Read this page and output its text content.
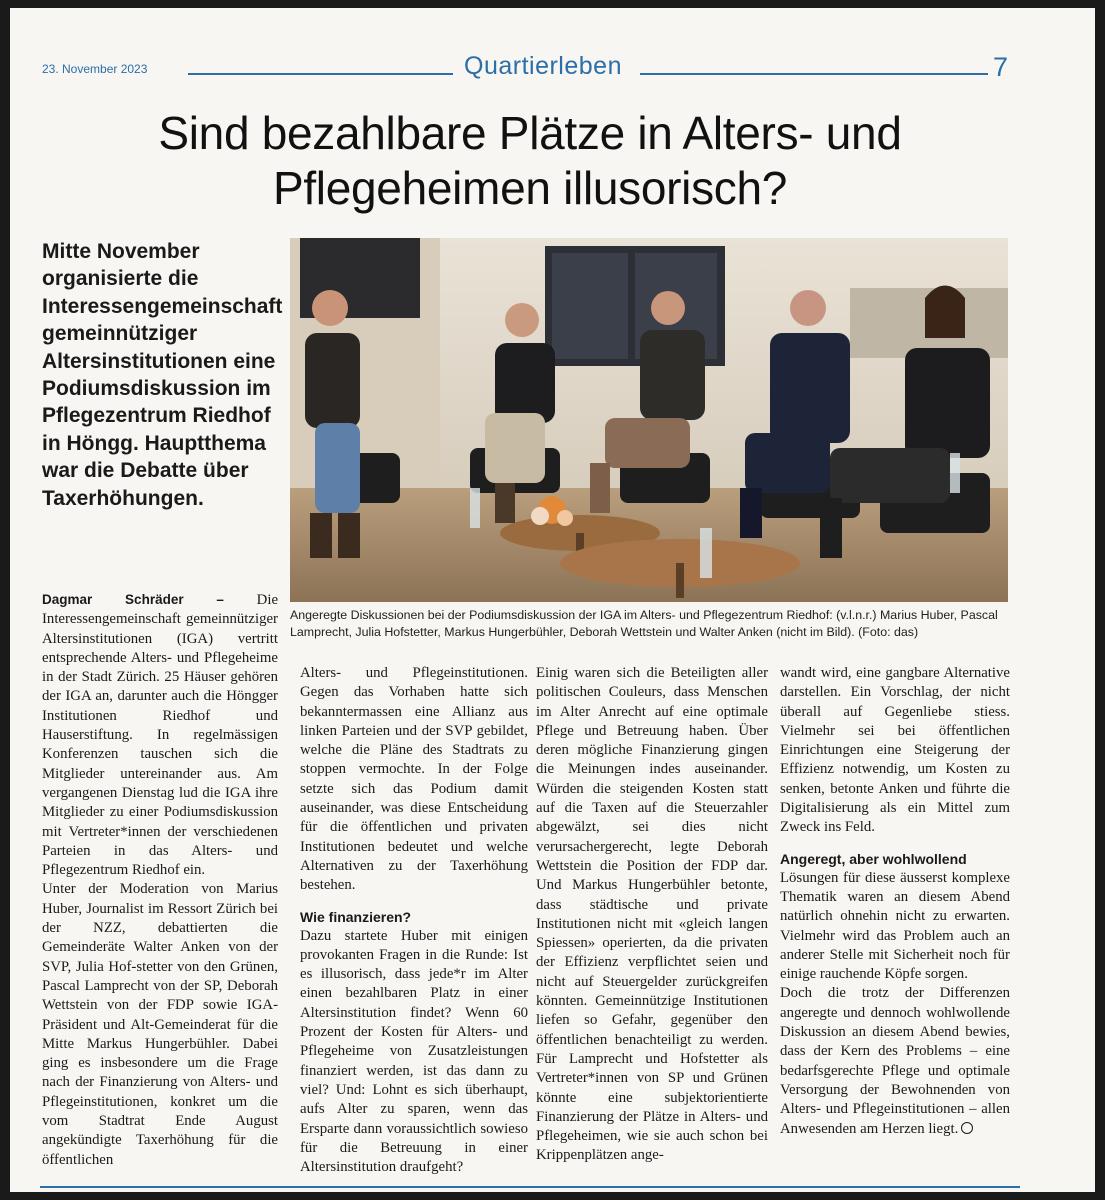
23. November 2023	Quartierleben	7
Sind bezahlbare Plätze in Alters- und Pflegeheimen illusorisch?

Mitte November organisierte die Interessengemeinschaft gemeinnütziger Altersinstitutionen eine Podiumsdiskussion im Pflegezentrum Riedhof in Höngg. Hauptthema war die Debatte über Taxerhöhungen.

Angeregte Diskussionen bei der Podiumsdiskussion der IGA im Alters- und Pflegezentrum Riedhof: (v.l.n.r.) Marius Huber, Pascal Lamprecht, Julia Hofstetter, Markus Hungerbühler, Deborah Wettstein und Walter Anken (nicht im Bild). (Foto: das)

Dagmar Schräder – Die Interessengemeinschaft gemeinnütziger Altersinstitutionen (IGA) vertritt entsprechende Alters- und Pflegeheime in der Stadt Zürich. 25 Häuser gehören der IGA an, darunter auch die Höngger Institutionen Riedhof und Hauserstiftung. In regelmässigen Konferenzen tauschen sich die Mitglieder untereinander aus. Am vergangenen Dienstag lud die IGA ihre Mitglieder zu einer Podiumsdiskussion mit Vertreter*innen der verschiedenen Parteien in das Alters- und Pflegezentrum Riedhof ein.

Unter der Moderation von Marius Huber, Journalist im Ressort Zürich bei der NZZ, debattierten die Gemeinderäte Walter Anken von der SVP, Julia Hof-stetter von den Grünen, Pascal Lamprecht von der SP, Deborah Wettstein von der FDP sowie IGA-Präsident und Alt-Gemeinderat für die Mitte Markus Hungerbühler. Dabei ging es insbesondere um die Frage nach der Finanzierung von Alters- und Pflegeinstitutionen, konkret um die vom Stadtrat Ende August angekündigte Taxerhöhung für die öffentlichen

Alters- und Pflegeinstitutionen. Gegen das Vorhaben hatte sich bekanntermassen eine Allianz aus linken Parteien und der SVP gebildet, welche die Pläne des Stadtrats zu stoppen vermochte. In der Folge setzte sich das Podium damit auseinander, was diese Entscheidung für die öffentlichen und privaten Institutionen bedeutet und welche Alternativen zu der Taxerhöhung bestehen.

Wie finanzieren?

Dazu startete Huber mit einigen provokanten Fragen in die Runde: Ist es illusorisch, dass jede*r im Alter einen bezahlbaren Platz in einer Altersinstitution findet? Wenn 60 Prozent der Kosten für Alters- und Pflegeheime von Zusatzleistungen finanziert werden, ist das dann zu viel? Und: Lohnt es sich überhaupt, aufs Alter zu sparen, wenn das Ersparte dann voraussichtlich sowieso für die Betreuung in einer Altersinstitution draufgeht?

Einig waren sich die Beteiligten aller politischen Couleurs, dass Menschen im Alter Anrecht auf eine optimale Pflege und Betreuung haben. Über deren mögliche Finanzierung gingen die Meinungen indes auseinander. Würden die steigenden Kosten statt auf die Taxen auf die Steuerzahler abgewälzt, sei dies nicht verursachergerecht, legte Deborah Wettstein die Position der FDP dar. Und Markus Hungerbühler betonte, dass städtische und private Institutionen nicht mit «gleich langen Spiessen» operierten, da die privaten der Effizienz verpflichtet seien und nicht auf Steuergelder zurückgreifen könnten. Gemeinnützige Institutionen liefen so Gefahr, gegenüber den öffentlichen benachteiligt zu werden. Für Lamprecht und Hofstetter als Vertreter*innen von SP und Grünen könnte eine subjektorientierte Finanzierung der Plätze in Alters- und Pflegeheimen, wie sie auch schon bei Krippenplätzen ange-

wandt wird, eine gangbare Alternative darstellen. Ein Vorschlag, der nicht überall auf Gegenliebe stiess. Vielmehr sei bei öffentlichen Einrichtungen eine Steigerung der Effizienz notwendig, um Kosten zu senken, betonte Anken und führte die Digitalisierung als ein Mittel zum Zweck ins Feld.

Angeregt, aber wohlwollend

Lösungen für diese äusserst komplexe Thematik waren an diesem Abend natürlich ohnehin nicht zu erwarten. Vielmehr wird das Problem auch an anderer Stelle mit Sicherheit noch für einige rauchende Köpfe sorgen.

Doch die trotz der Differenzen angeregte und dennoch wohlwollende Diskussion an diesem Abend bewies, dass der Kern des Problems – eine bedarfsgerechte Pflege und optimale Versorgung der Bewohnenden von Alters- und Pflegeinstitutionen – allen Anwesenden am Herzen liegt.
